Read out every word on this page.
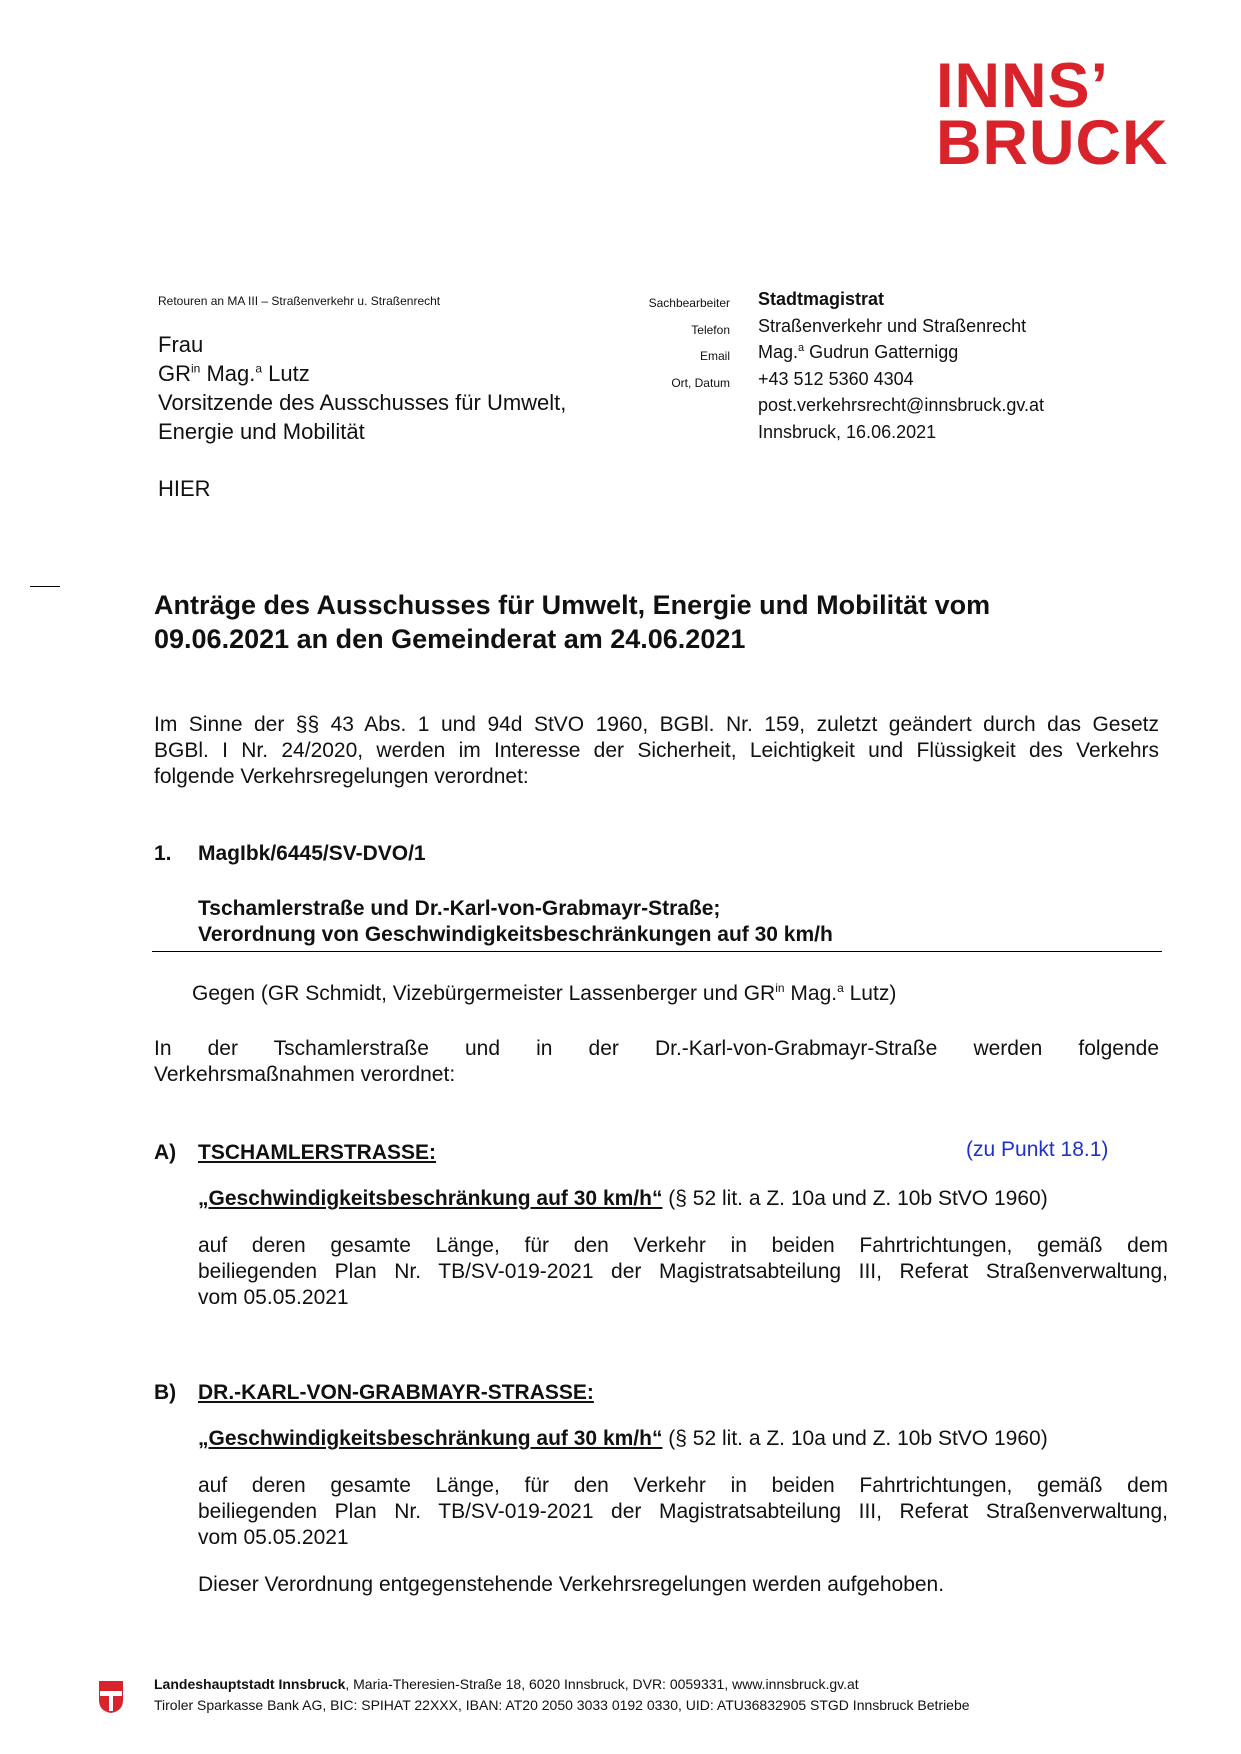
INNS’
BRUCK
Retouren an MA III – Straßenverkehr u. Straßenrecht
Frau
$GR^{in}$ Mag.$^a$ Lutz
Vorsitzende des Ausschusses für Umwelt,
Energie und Mobilität
HIER
Sachbearbeiter
Telefon
Email
Ort, Datum
Stadtmagistrat
Straßenverkehr und Straßenrecht
Mag.$^a$ Gudrun Gatternigg
+43 512 5360 4304
post.verkehrsrecht@innsbruck.gv.at
Innsbruck, 16.06.2021
Anträge des Ausschusses für Umwelt, Energie und Mobilität vom
09.06.2021 an den Gemeinderat am 24.06.2021
Im Sinne der §§ 43 Abs. 1 und 94d StVO 1960, BGBl. Nr. 159, zuletzt geändert durch das Gesetz
BGBl. I Nr. 24/2020, werden im Interesse der Sicherheit, Leichtigkeit und Flüssigkeit des Verkehrs
folgende Verkehrsregelungen verordnet:
1. MagIbk/6445/SV-DVO/1
Tschamlerstraße und Dr.-Karl-von-Grabmayr-Straße;
Verordnung von Geschwindigkeitsbeschränkungen auf 30 km/h
Gegen (GR Schmidt, Vizebürgermeister Lassenberger und $GR^{in}$ Mag.$^a$ Lutz)
In der Tschamlerstraße und in der Dr.-Karl-von-Grabmayr-Straße werden folgende
Verkehrsmaßnahmen verordnet:
A) TSCHAMLERSTRASSE:	(zu Punkt 18.1)
„Geschwindigkeitsbeschränkung auf 30 km/h“ (§ 52 lit. a Z. 10a und Z. 10b StVO 1960)
auf deren gesamte Länge, für den Verkehr in beiden Fahrtrichtungen, gemäß dem
beiliegenden Plan Nr. TB/SV-019-2021 der Magistratsabteilung III, Referat Straßenverwaltung,
vom 05.05.2021
B) DR.-KARL-VON-GRABMAYR-STRASSE:
„Geschwindigkeitsbeschränkung auf 30 km/h“ (§ 52 lit. a Z. 10a und Z. 10b StVO 1960)
auf deren gesamte Länge, für den Verkehr in beiden Fahrtrichtungen, gemäß dem
beiliegenden Plan Nr. TB/SV-019-2021 der Magistratsabteilung III, Referat Straßenverwaltung,
vom 05.05.2021
Dieser Verordnung entgegenstehende Verkehrsregelungen werden aufgehoben.
Landeshauptstadt Innsbruck, Maria-Theresien-Straße 18, 6020 Innsbruck, DVR: 0059331, www.innsbruck.gv.at
Tiroler Sparkasse Bank AG, BIC: SPIHAT 22XXX, IBAN: AT20 2050 3033 0192 0330, UID: ATU36832905 STGD Innsbruck Betriebe
